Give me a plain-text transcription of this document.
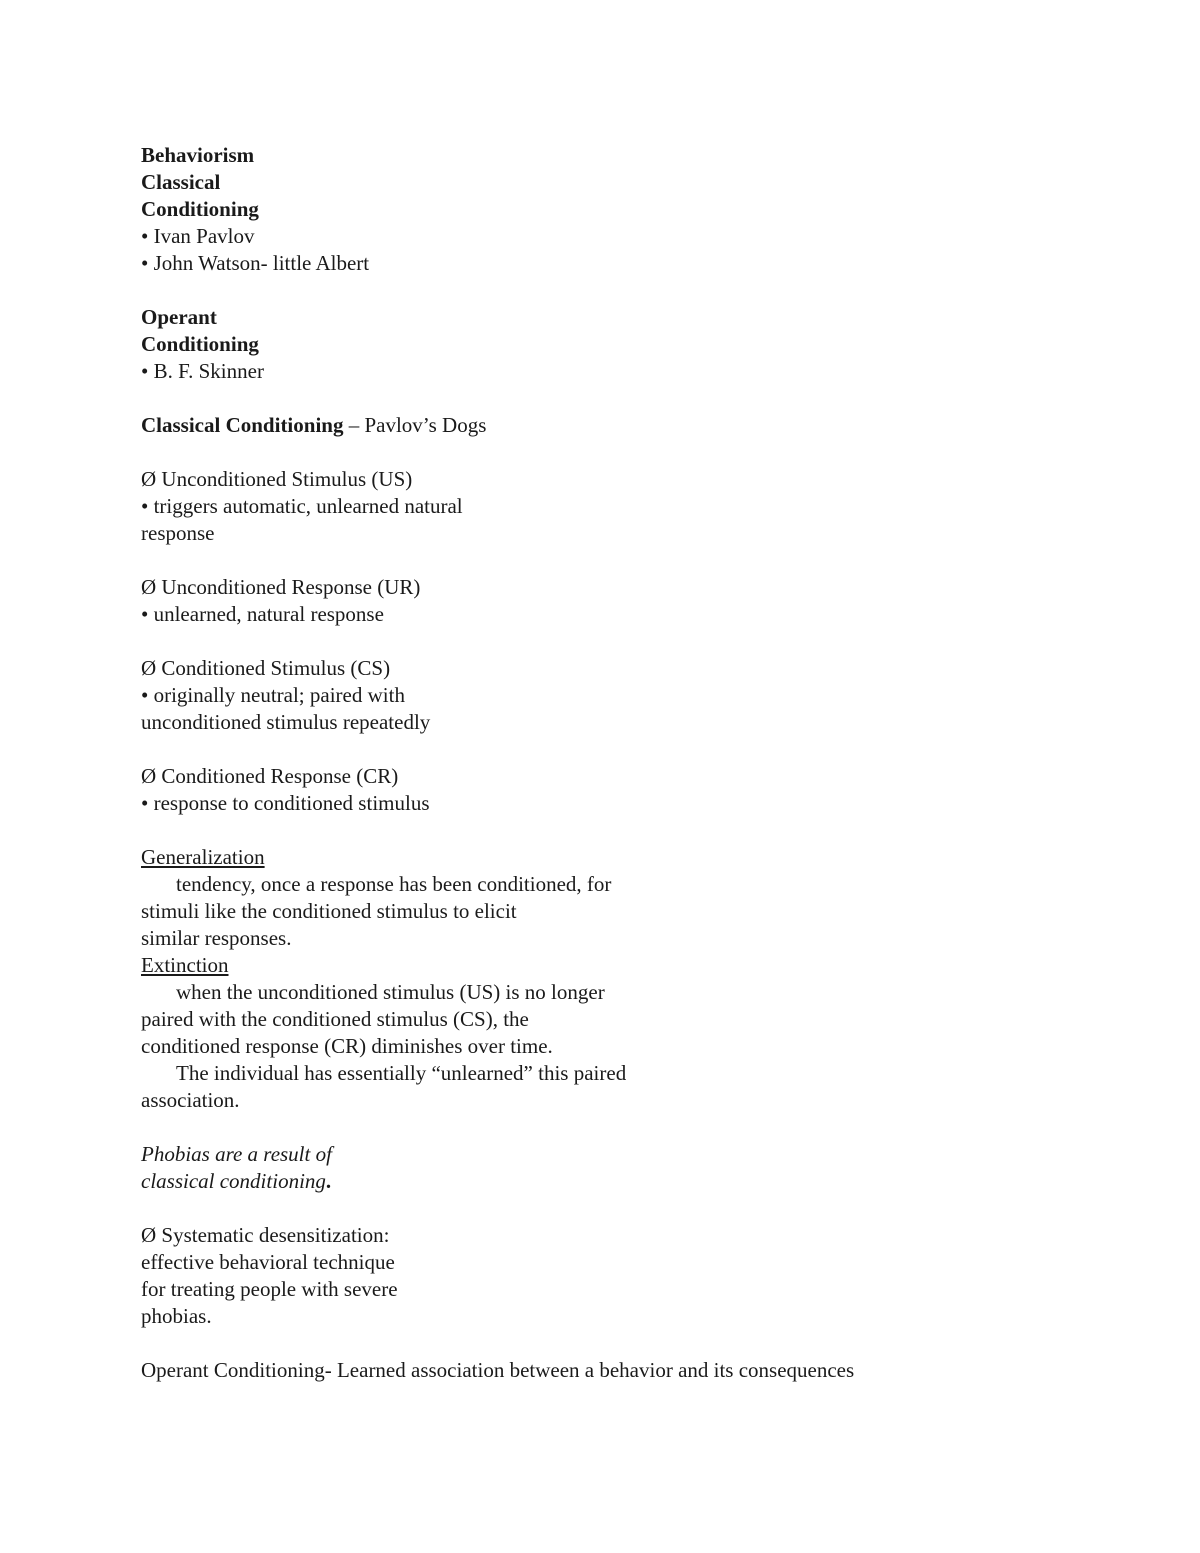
Behaviorism
Classical
Conditioning
• Ivan Pavlov
• John Watson- little Albert
Operant
Conditioning
• B. F. Skinner
Classical Conditioning – Pavlov’s Dogs
Ø Unconditioned Stimulus (US)
• triggers automatic, unlearned natural
response
Ø Unconditioned Response (UR)
• unlearned, natural response
Ø Conditioned Stimulus (CS)
• originally neutral; paired with
unconditioned stimulus repeatedly
Ø Conditioned Response (CR)
• response to conditioned stimulus
Generalization
tendency, once a response has been conditioned, for
stimuli like the conditioned stimulus to elicit
similar responses.
Extinction
when the unconditioned stimulus (US) is no longer
paired with the conditioned stimulus (CS), the
conditioned response (CR) diminishes over time.
The individual has essentially “unlearned” this paired
association.
Phobias are a result of
classical conditioning.
Ø Systematic desensitization:
effective behavioral technique
for treating people with severe
phobias.
Operant Conditioning- Learned association between a behavior and its consequences
